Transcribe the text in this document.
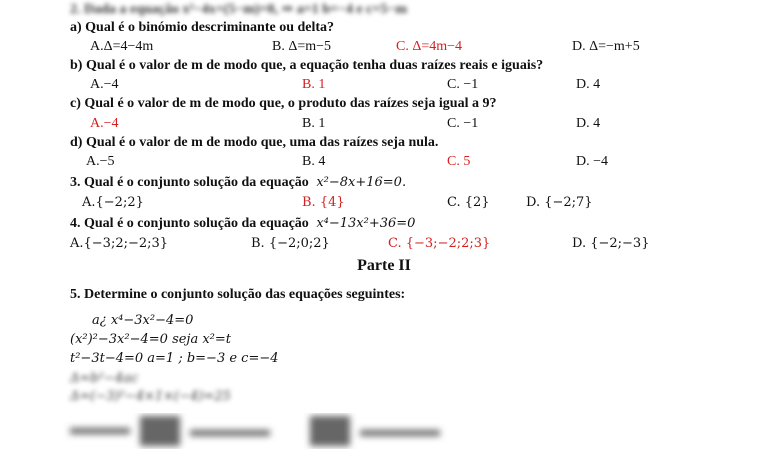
2. Dada a equação x²−4x+(5−m)=0, ⇒ a=1 b=−4 e c=5−m
a) Qual é o binómio descriminante ou delta?
A.Δ=4−4m	B. Δ=m−5	C. Δ=4m−4	D. Δ=−m+5
b) Qual é o valor de m de modo que, a equação tenha duas raízes reais e iguais?
A.−4	B. 1	C. −1	D. 4
c) Qual é o valor de m de modo que, o produto das raízes seja igual a 9?
A.−4	B. 1	C. −1	D. 4
d) Qual é o valor de m de modo que, uma das raízes seja nula.
A.−5	B. 4	C. 5	D. −4
3. Qual é o conjunto solução da equação x²−8x+16=0.
A.{−2;2}	B. {4}	C. {2}	D. {−2;7}
4. Qual é o conjunto solução da equação x⁴−13x²+36=0
A.{−3;2;−2;3}	B. {−2;0;2}	C. {−3;−2;2;3}	D. {−2;−3}
Parte II
5. Determine o conjunto solução das equações seguintes:
a¿ x⁴−3x²−4=0
(x²)²−3x²−4=0 seja x²=t
t²−3t−4=0 a=1 ; b=−3 e c=−4
Δ=b²−4ac
Δ=(−3)²−4×1×(−4)=25
